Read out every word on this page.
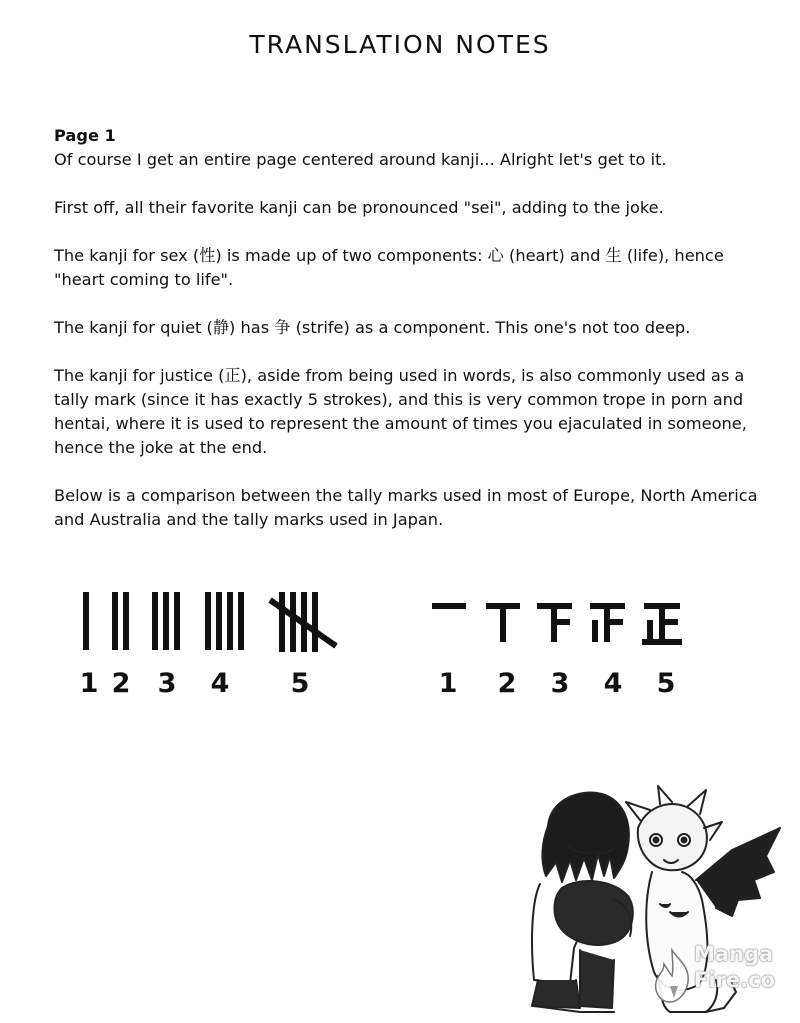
TRANSLATION NOTES

Page 1

Of course I get an entire page centered around kanji... Alright let's get to it.

First off, all their favorite kanji can be pronounced "sei", adding to the joke.

The kanji for sex (性) is made up of two components: 心 (heart) and 生 (life), hence "heart coming to life".

The kanji for quiet (静) has 争 (strife) as a component. This one's not too deep.

The kanji for justice (正), aside from being used in words, is also commonly used as a tally mark (since it has exactly 5 strokes), and this is very common trope in porn and hentai, where it is used to represent the amount of times you ejaculated in someone, hence the joke at the end.

Below is a comparison between the tally marks used in most of Europe, North America and Australia and the tally marks used in Japan.

1 2 3 4 5	1 2 3 4 5
Manga
Fire.co
